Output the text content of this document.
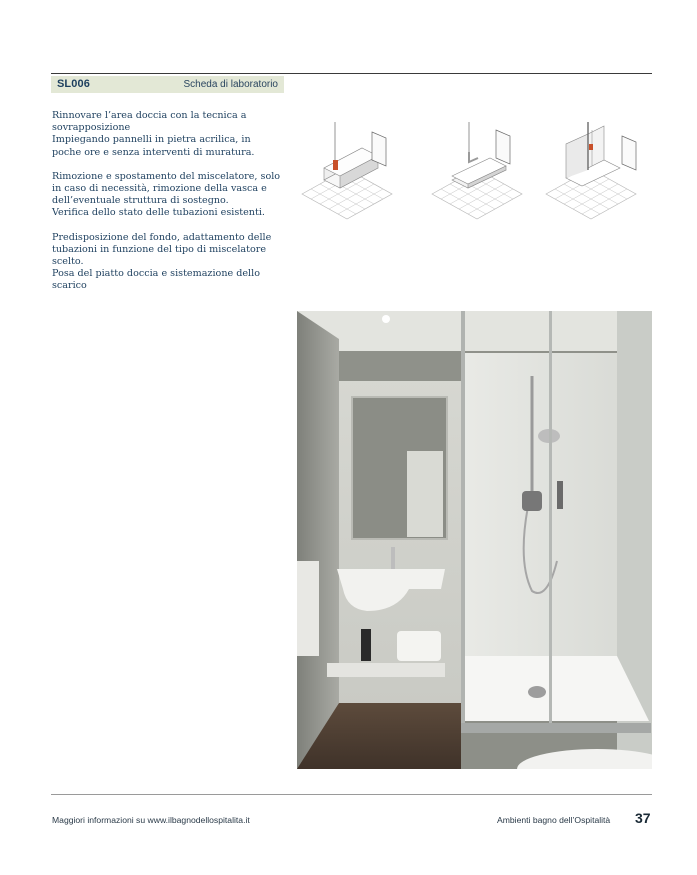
SL006	Scheda di laboratorio

Rinnovare l’area doccia con la tecnica a
sovrapposizione
Impiegando pannelli in pietra acrilica, in
poche ore e senza interventi di muratura.

Rimozione e spostamento del miscelatore, solo
in caso di necessità, rimozione della vasca e
dell’eventuale struttura di sostegno.
Verifica dello stato delle tubazioni esistenti.

Predisposizione del fondo, adattamento delle
tubazioni in funzione del tipo di miscelatore
scelto.
Posa del piatto doccia e sistemazione dello
scarico

Maggiori informazioni su www.ilbagnodellospitalita.it	Ambienti bagno dell’Ospitalità 37
